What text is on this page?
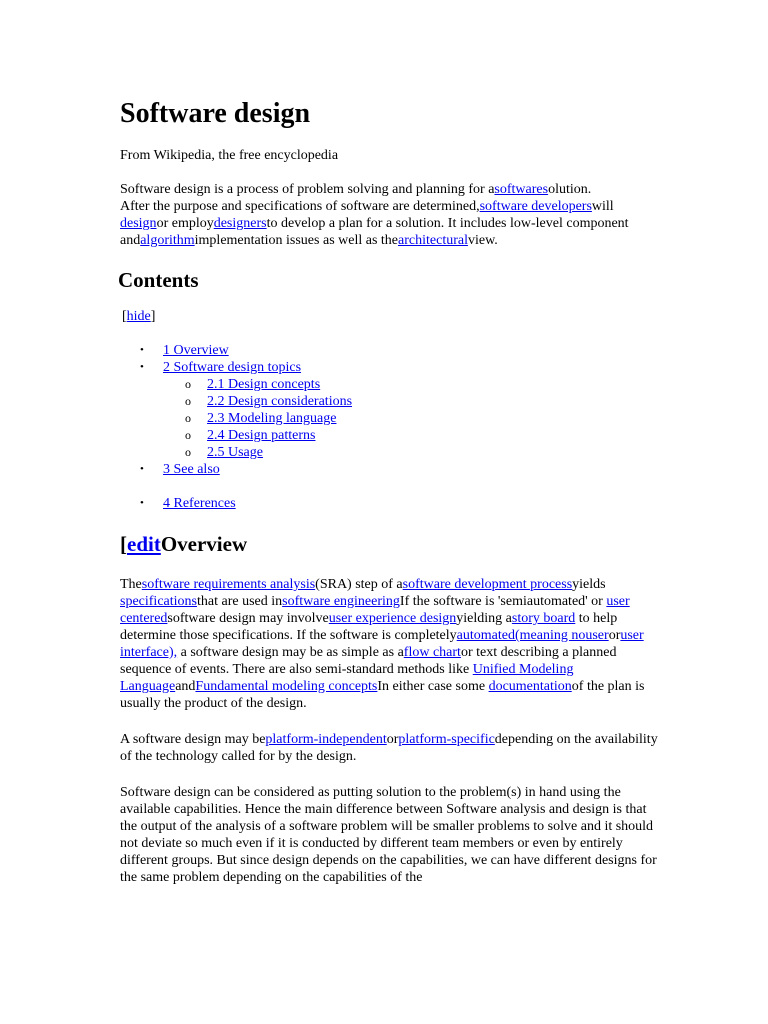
Software design
From Wikipedia, the free encyclopedia

Software design is a process of problem solving and planning for asoftwaresolution.
After the purpose and specifications of software are determined,software developerswill designor employdesignersto develop a plan for a solution. It includes low-level component andalgorithmimplementation issues as well as thearchitecturalview.

Contents
[hide]
• 1 Overview
• 2 Software design topics
o 2.1 Design concepts
o 2.2 Design considerations
o 2.3 Modeling language
o 2.4 Design patterns
o 2.5 Usage
• 3 See also
• 4 References
[editOverview

Thesoftware requirements analysis(SRA) step of asoftware development processyields specificationsthat are used insoftware engineeringIf the software is 'semiautomated' or user centeredsoftware design may involveuser experience designyielding astory board to help determine those specifications. If the software is completelyautomated(meaning nouseroruser interface), a software design may be as simple as aflow chartor text describing a planned sequence of events. There are also semi-standard methods like Unified Modeling LanguageandFundamental modeling conceptsIn either case some documentationof the plan is usually the product of the design.

A software design may beplatform-independentorplatform-specificdepending on the availability of the technology called for by the design.

Software design can be considered as putting solution to the problem(s) in hand using the available capabilities. Hence the main difference between Software analysis and design is that the output of the analysis of a software problem will be smaller problems to solve and it should not deviate so much even if it is conducted by different team members or even by entirely different groups. But since design depends on the capabilities, we can have different designs for the same problem depending on the capabilities of the
